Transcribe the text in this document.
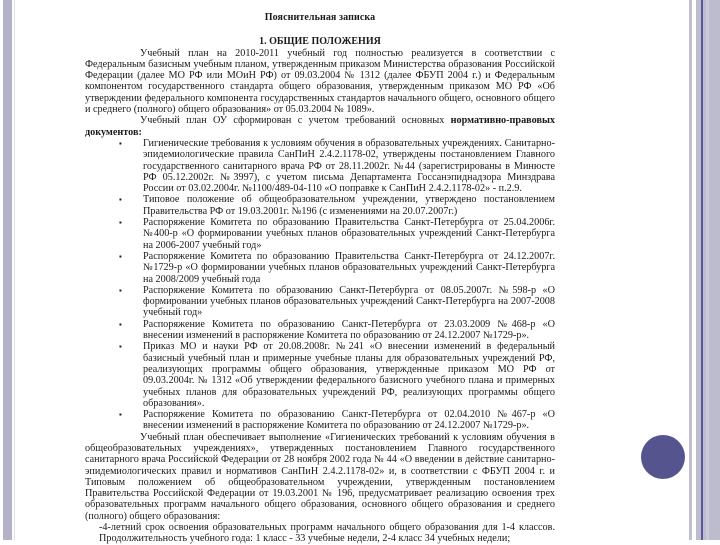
Пояснительная записка
1. ОБЩИЕ ПОЛОЖЕНИЯ

Учебный план на 2010-2011 учебный год полностью реализуется в соответствии с Федеральным базисным учебным планом, утвержденным приказом Министерства образования Российской Федерации (далее МО РФ или МОиН РФ) от 09.03.2004 № 1312 (далее ФБУП 2004 г.) и Федеральным компонентом государственного стандарта общего образования, утвержденным приказом МО РФ «Об утверждении федерального компонента государственных стандартов начального общего, основного общего и среднего (полного) общего образования» от 05.03.2004 № 1089».

Учебный план ОУ сформирован с учетом требований основных нормативно-правовых документов:

▪ Гигиенические требования к условиям обучения в образовательных учреждениях. Санитарно-эпидемиологические правила СанПиН 2.4.2.1178-02, утверждены постановлением Главного государственного санитарного врача РФ от 28.11.2002г. №44 (зарегистрированы в Минюсте РФ 05.12.2002г. №3997), с учетом письма Департамента Госсанэпиднадзора Минздрава России от 03.02.2004г. №1100/489-04-110 «О поправке к СанПиН 2.4.2.1178-02» - п.2.9.
▪ Типовое положение об общеобразовательном учреждении, утверждено постановлением Правительства РФ от 19.03.2001г. №196 (с изменениями на 20.07.2007г.)
▪ Распоряжение Комитета по образованию Правительства Санкт-Петербурга от 25.04.2006г. №400-р «О формировании учебных планов образовательных учреждений Санкт-Петербурга на 2006-2007 учебный год»
▪ Распоряжение Комитета по образованию Правительства Санкт-Петербурга от 24.12.2007г. №1729-р «О формировании учебных планов образовательных учреждений Санкт-Петербурга на 2008/2009 учебный года
▪ Распоряжение Комитета по образованию Санкт-Петербурга от 08.05.2007г. №598-р «О формировании учебных планов образовательных учреждений Санкт-Петербурга на 2007-2008 учебный год»
▪ Распоряжение Комитета по образованию Санкт-Петербурга от 23.03.2009 №468-р «О внесении изменений в распоряжение Комитета по образованию от 24.12.2007 №1729-р».
▪ Приказ МО и науки РФ от 20.08.2008г. №241 «О внесении изменений в федеральный базисный учебный план и примерные учебные планы для образовательных учреждений РФ, реализующих программы общего образования, утвержденные приказом МО РФ от 09.03.2004г. № 1312 «Об утверждении федерального базисного учебного плана и примерных учебных планов для образовательных учреждений РФ, реализующих программы общего образования».
▪ Распоряжение Комитета по образованию Санкт-Петербурга от 02.04.2010 №467-р «О внесении изменений в распоряжение Комитета по образованию от 24.12.2007 №1729-р».

Учебный план обеспечивает выполнение «Гигиенических требований к условиям обучения в общеобразовательных учреждениях», утвержденных постановлением Главного государственного санитарного врача Российской Федерации от 28 ноября 2002 года № 44 «О введении в действие санитарно-эпидемиологических правил и нормативов СанПиН 2.4.2.1178-02» и, в соответствии с ФБУП 2004 г. и Типовым положением об общеобразовательном учреждении, утвержденным постановлением Правительства Российской Федерации от 19.03.2001 № 196, предусматривает реализацию освоения трех образовательных программ начального общего образования, основного общего образования и среднего (полного) общего образования:

-4-летний срок освоения образовательных программ начального общего образования для 1-4 классов. Продолжительность учебного года: 1 класс - 33 учебные недели, 2-4 класс 34 учебных недели;
